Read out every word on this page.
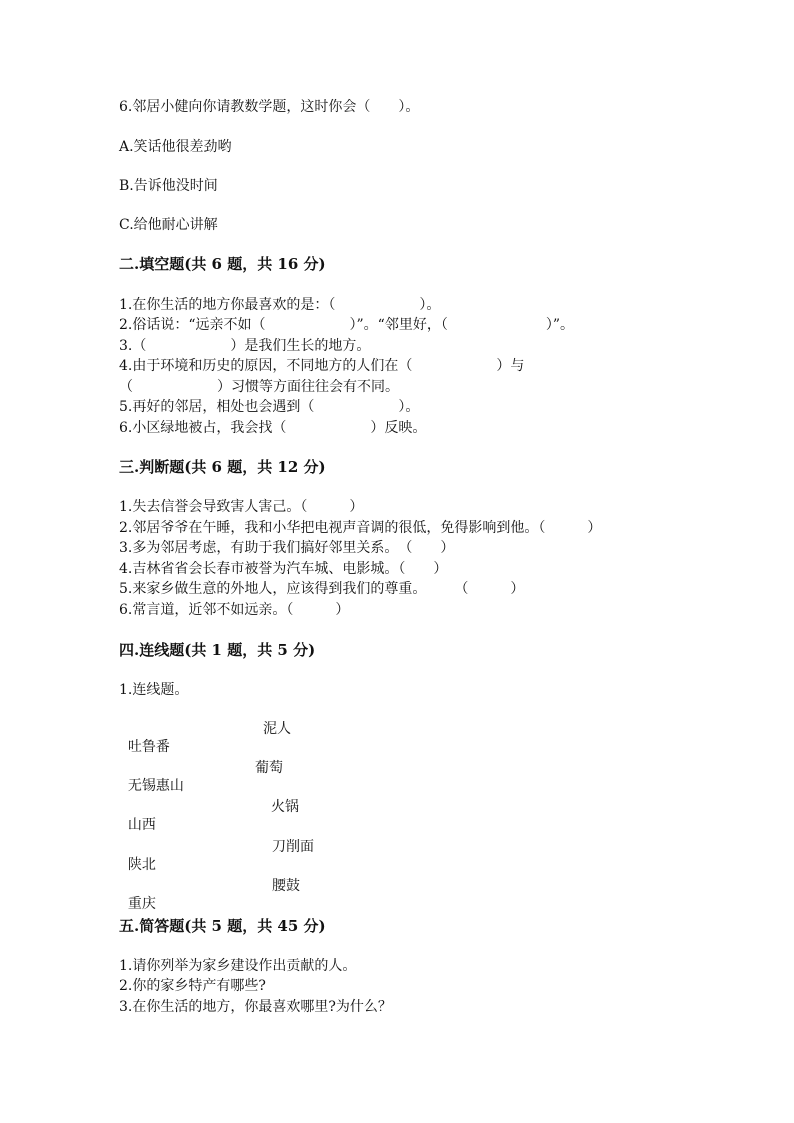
6.邻居小健向你请教数学题，这时你会（　　）。

A.笑话他很差劲哟

B.告诉他没时间

C.给他耐心讲解

二.填空题(共 6 题，共 16 分)

1.在你生活的地方你最喜欢的是：（　　　　　　）。

2.俗话说：“远亲不如（　　　　　　）”。“邻里好，（　　　　　　　）”。

3.（　　　　　　）是我们生长的地方。

4.由于环境和历史的原因，不同地方的人们在（　　　　　　）与

（　　　　　　）习惯等方面往往会有不同。

5.再好的邻居，相处也会遇到（　　　　　　）。

6.小区绿地被占，我会找（　　　　　　）反映。

三.判断题(共 6 题，共 12 分)

1.失去信誉会导致害人害己。（　　　）

2.邻居爷爷在午睡，我和小华把电视声音调的很低，免得影响到他。（　　　）

3.多为邻居考虑，有助于我们搞好邻里关系。　（　　）

4.吉林省省会长春市被誉为汽车城、电影城。（　　）

5.来家乡做生意的外地人，应该得到我们的尊重。　　　（　　　）

6.常言道，近邻不如远亲。（　　　）

四.连线题(共 1 题，共 5 分)

1.连线题。

吐鲁番

泥人

无锡惠山

葡萄

山西

火锅

陕北

刀削面

重庆

腰鼓

五.简答题(共 5 题，共 45 分)

1.请你列举为家乡建设作出贡献的人。

2.你的家乡特产有哪些?

3.在你生活的地方，你最喜欢哪里?为什么？
